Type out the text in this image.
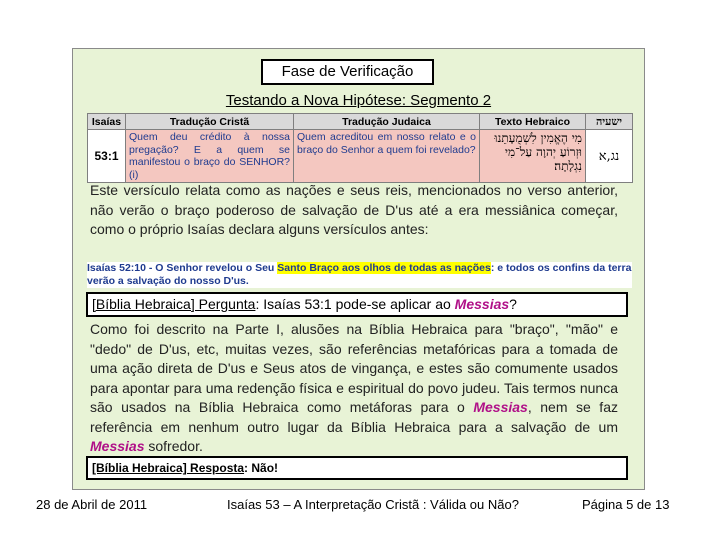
Fase de Verificação
Testando a Nova Hipótese: Segmento 2
Isaías	Tradução Cristã	Tradução Judaica	Texto Hebraico	ישעיה
53:1	Quem deu crédito à nossa pregação? E a quem se manifestou o braço do SENHOR? (i)	Quem acreditou em nosso relato e o braço do Senhor a quem foi revelado?	מִי הֶאֱמִין לִשְׁמֻעָתֵנוּ וּזְרוֹעַ יְהוָה עַל־מִי נִגְלָתָה׃	נג,א
Este versículo relata como as nações e seus reis, mencionados no verso anterior, não verão o braço poderoso de salvação de D'us até a era messiânica começar, como o próprio Isaías declara alguns versículos antes:
Isaías 52:10 - O Senhor revelou o Seu Santo Braço aos olhos de todas as nações: e todos os confins da terra verão a salvação do nosso D'us.
[Bíblia Hebraica] Pergunta: Isaías 53:1 pode-se aplicar ao Messias?
Como foi descrito na Parte I, alusões na Bíblia Hebraica para "braço", "mão" e "dedo" de D'us, etc, muitas vezes, são referências metafóricas para a tomada de uma ação direta de D'us e Seus atos de vingança, e estes são comumente usados para apontar para uma redenção física e espiritual do povo judeu. Tais termos nunca são usados na Bíblia Hebraica como metáforas para o Messias, nem se faz referência em nenhum outro lugar da Bíblia Hebraica para a salvação de um Messias sofredor.
[Bíblia Hebraica] Resposta: Não!
28 de Abril de 2011	Isaías 53 – A Interpretação Cristã : Válida ou Não?	Página 5 de 13
